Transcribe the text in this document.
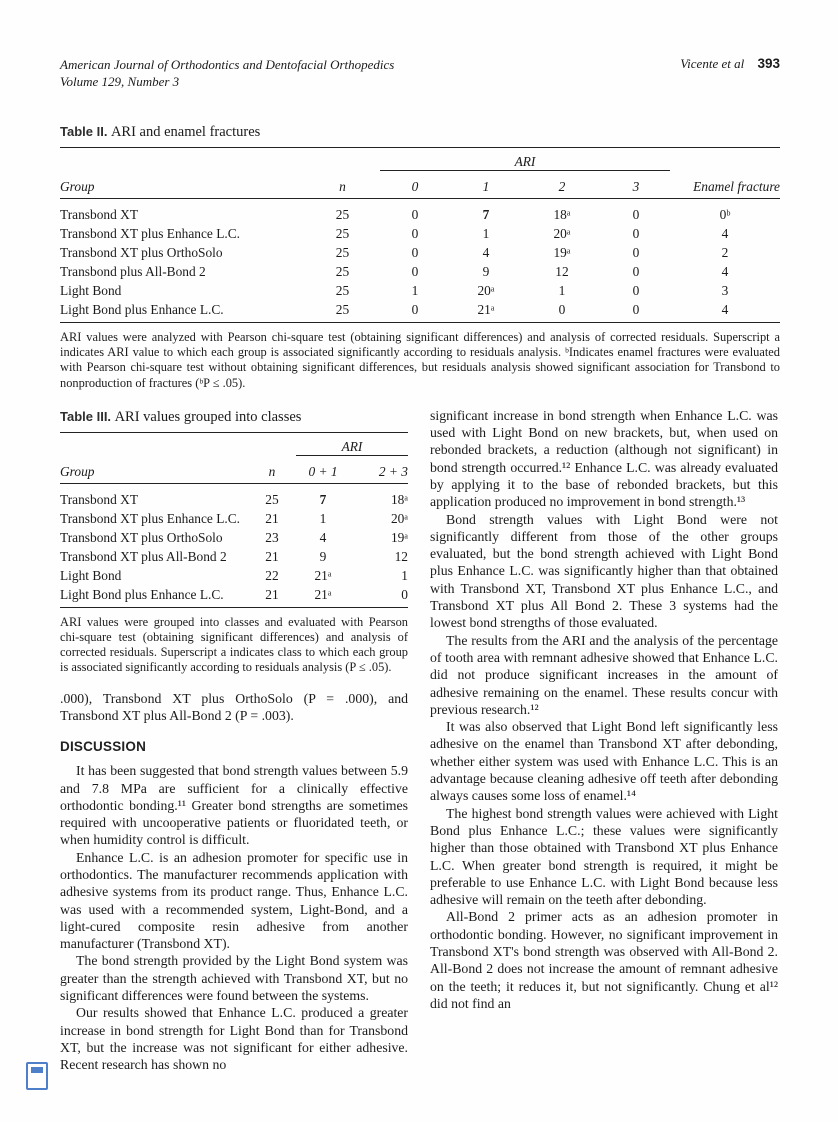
American Journal of Orthodontics and Dentofacial Orthopedics
Volume 129, Number 3
Vicente et al 393
Table II. ARI and enamel fractures
		ARI				
Group	n	0	1	2	3	Enamel fracture
Transbond XT	25	0	7	18ᵃ	0	0ᵇ
Transbond XT plus Enhance L.C.	25	0	1	20ᵃ	0	4
Transbond XT plus OrthoSolo	25	0	4	19ᵃ	0	2
Transbond plus All-Bond 2	25	0	9	12	0	4
Light Bond	25	1	20ᵃ	1	0	3
Light Bond plus Enhance L.C.	25	0	21ᵃ	0	0	4

ARI values were analyzed with Pearson chi-square test (obtaining significant differences) and analysis of corrected residuals. Superscript a indicates ARI value to which each group is associated significantly according to residuals analysis. ᵇIndicates enamel fractures were evaluated with Pearson chi-square test without obtaining significant differences, but residuals analysis showed significant association for Transbond to nonproduction of fractures (ᵇP ≤ .05).

Table III. ARI values grouped into classes
		ARI	
Group	n	0 + 1	2 + 3
Transbond XT	25	7	18ᵃ
Transbond XT plus Enhance L.C.	21	1	20ᵃ
Transbond XT plus OrthoSolo	23	4	19ᵃ
Transbond XT plus All-Bond 2	21	9	12
Light Bond	22	21ᵃ	1
Light Bond plus Enhance L.C.	21	21ᵃ	0

ARI values were grouped into classes and evaluated with Pearson chi-square test (obtaining significant differences) and analysis of corrected residuals. Superscript a indicates class to which each group is associated significantly according to residuals analysis (P ≤ .05).

.000), Transbond XT plus OrthoSolo (P = .000), and Transbond XT plus All-Bond 2 (P = .003).

DISCUSSION

It has been suggested that bond strength values between 5.9 and 7.8 MPa are sufficient for a clinically effective orthodontic bonding.¹¹ Greater bond strengths are sometimes required with uncooperative patients or fluoridated teeth, or when humidity control is difficult.

Enhance L.C. is an adhesion promoter for specific use in orthodontics. The manufacturer recommends application with adhesive systems from its product range. Thus, Enhance L.C. was used with a recommended system, Light-Bond, and a light-cured composite resin adhesive from another manufacturer (Transbond XT).

The bond strength provided by the Light Bond system was greater than the strength achieved with Transbond XT, but no significant differences were found between the systems.

Our results showed that Enhance L.C. produced a greater increase in bond strength for Light Bond than for Transbond XT, but the increase was not significant for either adhesive. Recent research has shown no

significant increase in bond strength when Enhance L.C. was used with Light Bond on new brackets, but, when used on rebonded brackets, a reduction (although not significant) in bond strength occurred.¹² Enhance L.C. was already evaluated by applying it to the base of rebonded brackets, but this application produced no improvement in bond strength.¹³

Bond strength values with Light Bond were not significantly different from those of the other groups evaluated, but the bond strength achieved with Light Bond plus Enhance L.C. was significantly higher than that obtained with Transbond XT, Transbond XT plus Enhance L.C., and Transbond XT plus All Bond 2. These 3 systems had the lowest bond strengths of those evaluated.

The results from the ARI and the analysis of the percentage of tooth area with remnant adhesive showed that Enhance L.C. did not produce significant increases in the amount of adhesive remaining on the enamel. These results concur with previous research.¹²

It was also observed that Light Bond left significantly less adhesive on the enamel than Transbond XT after debonding, whether either system was used with Enhance L.C. This is an advantage because cleaning adhesive off teeth after debonding always causes some loss of enamel.¹⁴

The highest bond strength values were achieved with Light Bond plus Enhance L.C.; these values were significantly higher than those obtained with Transbond XT plus Enhance L.C. When greater bond strength is required, it might be preferable to use Enhance L.C. with Light Bond because less adhesive will remain on the teeth after debonding.

All-Bond 2 primer acts as an adhesion promoter in orthodontic bonding. However, no significant improvement in Transbond XT's bond strength was observed with All-Bond 2. All-Bond 2 does not increase the amount of remnant adhesive on the teeth; it reduces it, but not significantly. Chung et al¹² did not find an
